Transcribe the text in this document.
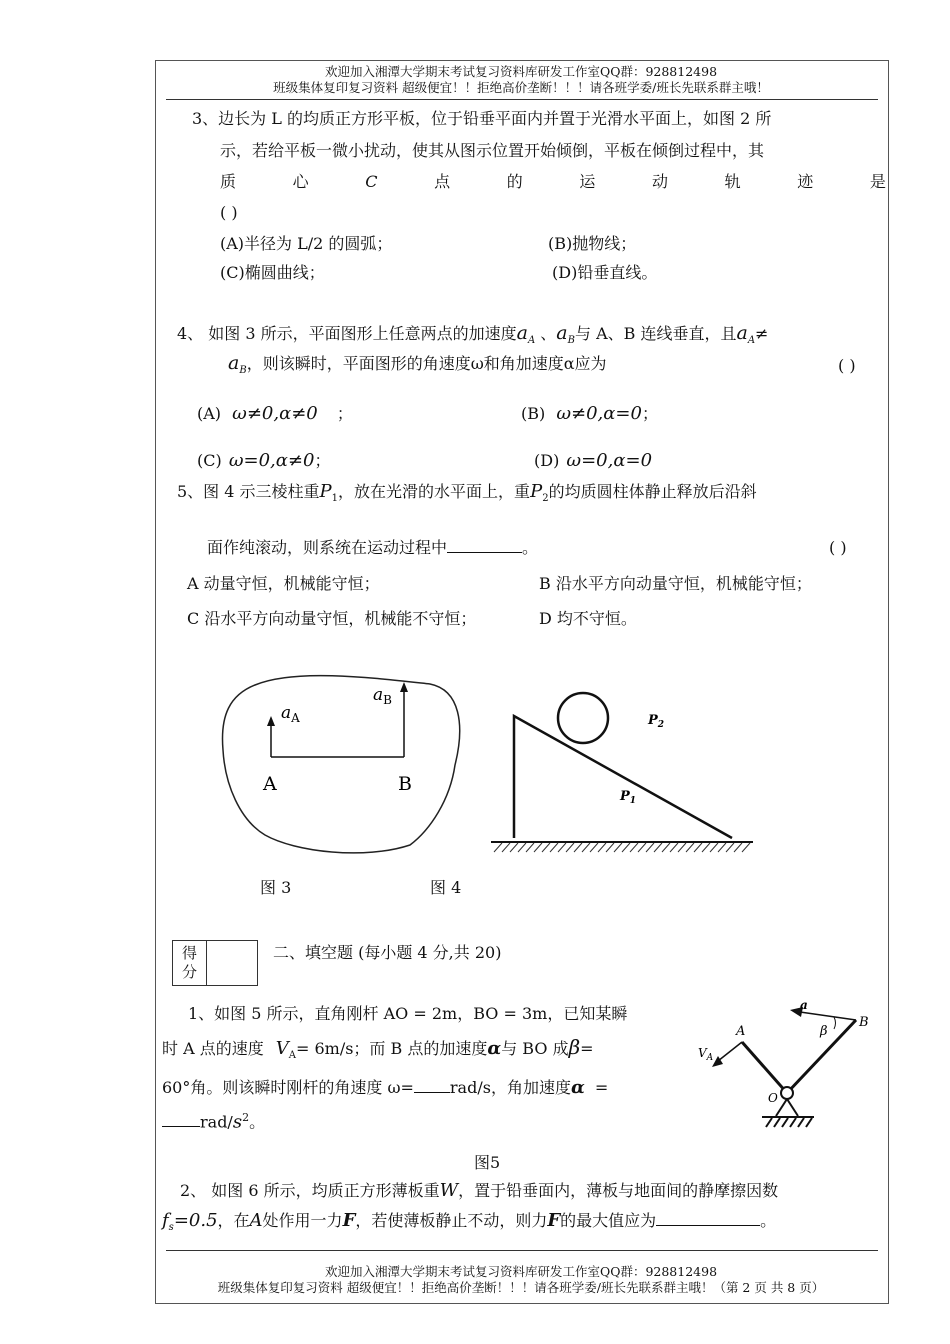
欢迎加入湘潭大学期末考试复习资料库研发工作室QQ群：928812498
班级集体复印复习资料 超级便宜！！拒绝高价垄断！！！请各班学委/班长先联系群主哦！
3、边长为 L 的均质正方形平板，位于铅垂平面内并置于光滑水平面上，如图 2 所
示，若给平板一微小扰动，使其从图示位置开始倾倒，平板在倾倒过程中，其
质	心	C	点	的	运	动	轨	迹	是
( )
(A)半径为 L/2 的圆弧；	(B)抛物线；
(C)椭圆曲线；	(D)铅垂直线。
4、 如图 3 所示，平面图形上任意两点的加速度$a_A$ 、$a_B$与 A、B 连线垂直，且$a_A\ne$
$a_B$，则该瞬时，平面图形的角速度ω和角加速度α应为	( )
(A) ω≠0,α≠0 ；	(B) ω≠0,α=0；
(C) ω=0,α≠0；	(D) ω=0,α=0
5、图 4 示三棱柱重$P_1$，放在光滑的水平面上，重$P_2$的均质圆柱体静止释放后沿斜
面作纯滚动，则系统在运动过程中	。	( )
A 动量守恒，机械能守恒；	B 沿水平方向动量守恒，机械能守恒；
C 沿水平方向动量守恒，机械能不守恒；	D 均不守恒。
$a_A$
$a_B$
A	B
图 3
$P_2$
$P_1$
图 4
得
分	
二、填空题 (每小题 4 分,共 20)
1、如图 5 所示，直角刚杆 AO = 2m，BO = 3m，已知某瞬
时 A 点的速度 $V_A= 6m/s$；而 B 点的加速度α与 BO 成β=
60°角。则该瞬时刚杆的角速度 ω= rad/s，角加速度α =
rad/$s^2$。
图5
a
β
A
B
O
$V_A$
2、 如图 6 所示，均质正方形薄板重W，置于铅垂面内，薄板与地面间的静摩擦因数
$f_s=0.5$，在A处作用一力F，若使薄板静止不动，则力F的最大值应为	。
欢迎加入湘潭大学期末考试复习资料库研发工作室QQ群：928812498
班级集体复印复习资料 超级便宜！！拒绝高价垄断！！！请各班学委/班长先联系群主哦！（第 2 页 共 8 页）
